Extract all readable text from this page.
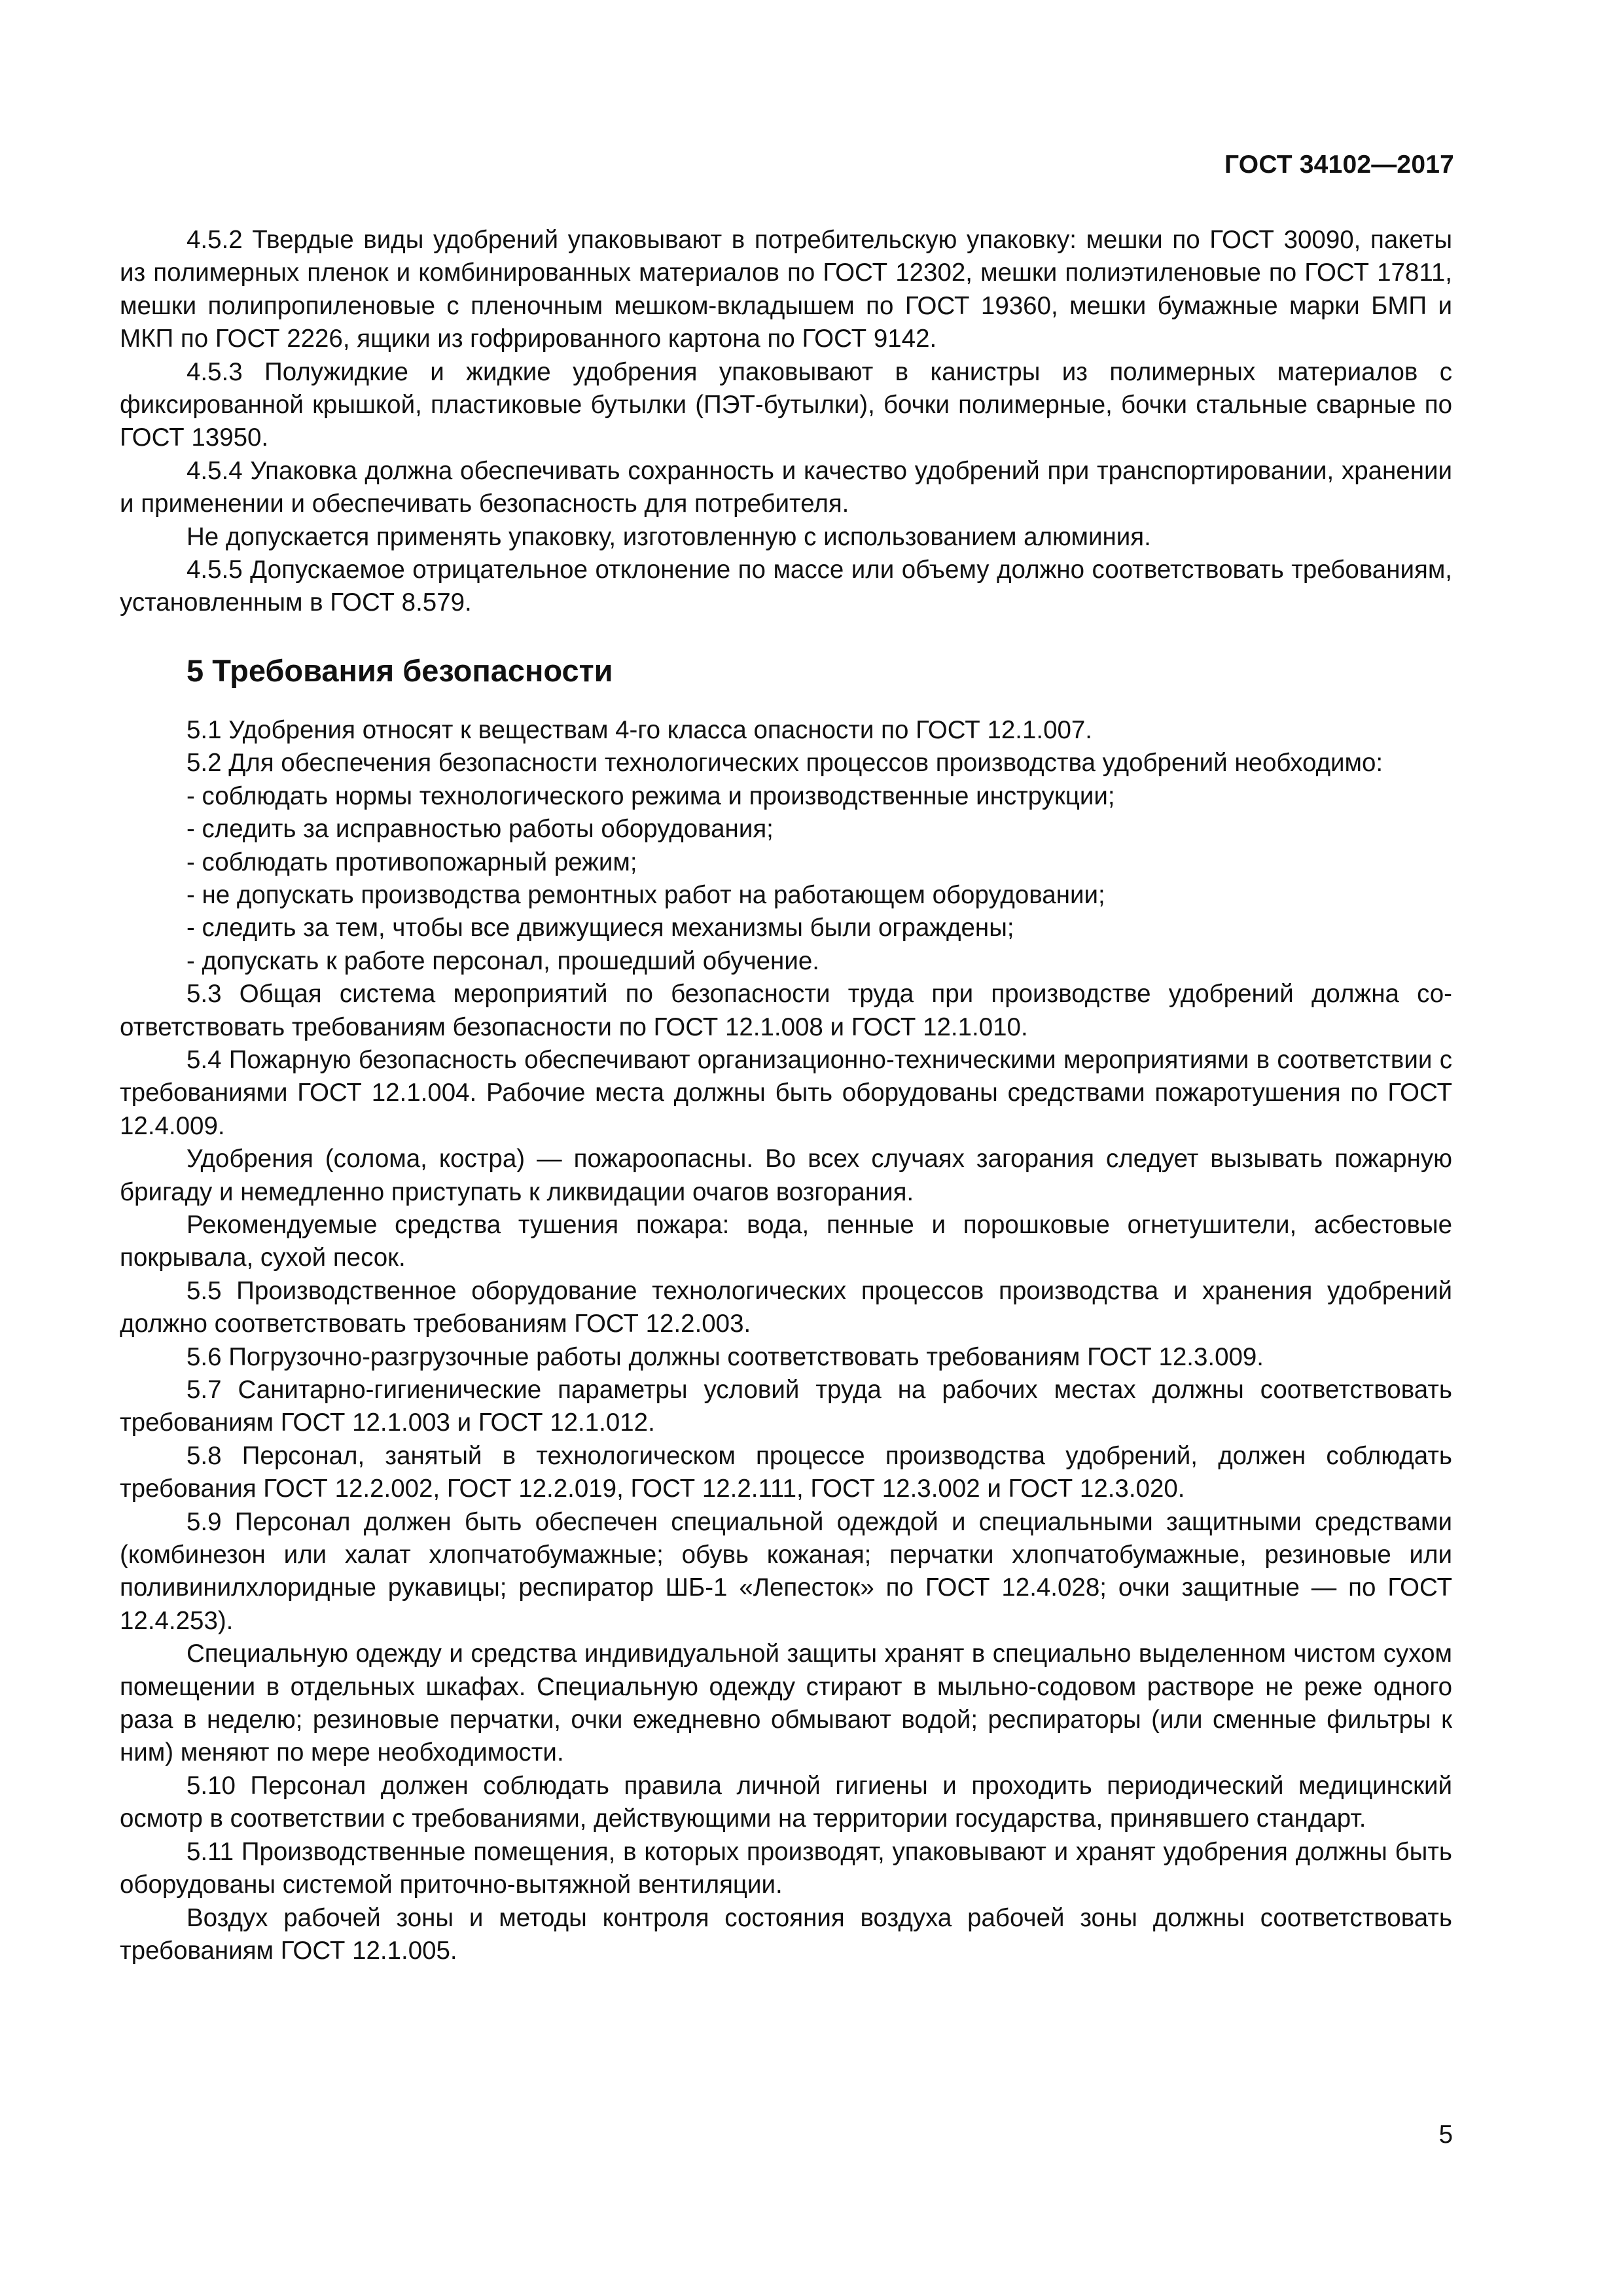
ГОСТ 34102—2017

4.5.2 Твердые виды удобрений упаковывают в потребительскую упаковку: мешки по ГОСТ 30090, пакеты из полимерных пленок и комбинированных материалов по ГОСТ 12302, мешки полиэтиленовые по ГОСТ 17811, мешки полипропиленовые с пленочным мешком-вкладышем по ГОСТ 19360, мешки бумажные марки БМП и МКП по ГОСТ 2226, ящики из гофрированного картона по ГОСТ 9142.

4.5.3 Полужидкие и жидкие удобрения упаковывают в канистры из полимерных материалов с фиксированной крышкой, пластиковые бутылки (ПЭТ-бутылки), бочки полимерные, бочки стальные сварные по ГОСТ 13950.

4.5.4 Упаковка должна обеспечивать сохранность и качество удобрений при транспортировании, хранении и применении и обеспечивать безопасность для потребителя.

Не допускается применять упаковку, изготовленную с использованием алюминия.

4.5.5 Допускаемое отрицательное отклонение по массе или объему должно соответствовать требованиям, установленным в ГОСТ 8.579.

5 Требования безопасности

5.1 Удобрения относят к веществам 4-го класса опасности по ГОСТ 12.1.007.

5.2 Для обеспечения безопасности технологических процессов производства удобрений необходимо:

- соблюдать нормы технологического режима и производственные инструкции;

- следить за исправностью работы оборудования;

- соблюдать противопожарный режим;

- не допускать производства ремонтных работ на работающем оборудовании;

- следить за тем, чтобы все движущиеся механизмы были ограждены;

- допускать к работе персонал, прошедший обучение.

5.3 Общая система мероприятий по безопасности труда при производстве удобрений должна соответствовать требованиям безопасности по ГОСТ 12.1.008 и ГОСТ 12.1.010.

5.4 Пожарную безопасность обеспечивают организационно-техническими мероприятиями в соответствии с требованиями ГОСТ 12.1.004. Рабочие места должны быть оборудованы средствами пожаротушения по ГОСТ 12.4.009.

Удобрения (солома, костра) — пожароопасны. Во всех случаях загорания следует вызывать пожарную бригаду и немедленно приступать к ликвидации очагов возгорания.

Рекомендуемые средства тушения пожара: вода, пенные и порошковые огнетушители, асбестовые покрывала, сухой песок.

5.5 Производственное оборудование технологических процессов производства и хранения удобрений должно соответствовать требованиям ГОСТ 12.2.003.

5.6 Погрузочно-разгрузочные работы должны соответствовать требованиям ГОСТ 12.3.009.

5.7 Санитарно-гигиенические параметры условий труда на рабочих местах должны соответствовать требованиям ГОСТ 12.1.003 и ГОСТ 12.1.012.

5.8 Персонал, занятый в технологическом процессе производства удобрений, должен соблюдать требования ГОСТ 12.2.002, ГОСТ 12.2.019, ГОСТ 12.2.111, ГОСТ 12.3.002 и ГОСТ 12.3.020.

5.9 Персонал должен быть обеспечен специальной одеждой и специальными защитными средствами (комбинезон или халат хлопчатобумажные; обувь кожаная; перчатки хлопчатобумажные, резиновые или поливинилхлоридные рукавицы; респиратор ШБ-1 «Лепесток» по ГОСТ 12.4.028; очки защитные — по ГОСТ 12.4.253).

Специальную одежду и средства индивидуальной защиты хранят в специально выделенном чистом сухом помещении в отдельных шкафах. Специальную одежду стирают в мыльно-содовом растворе не реже одного раза в неделю; резиновые перчатки, очки ежедневно обмывают водой; респираторы (или сменные фильтры к ним) меняют по мере необходимости.

5.10 Персонал должен соблюдать правила личной гигиены и проходить периодический медицинский осмотр в соответствии с требованиями, действующими на территории государства, принявшего стандарт.

5.11 Производственные помещения, в которых производят, упаковывают и хранят удобрения должны быть оборудованы системой приточно-вытяжной вентиляции.

Воздух рабочей зоны и методы контроля состояния воздуха рабочей зоны должны соответствовать требованиям ГОСТ 12.1.005.

5
